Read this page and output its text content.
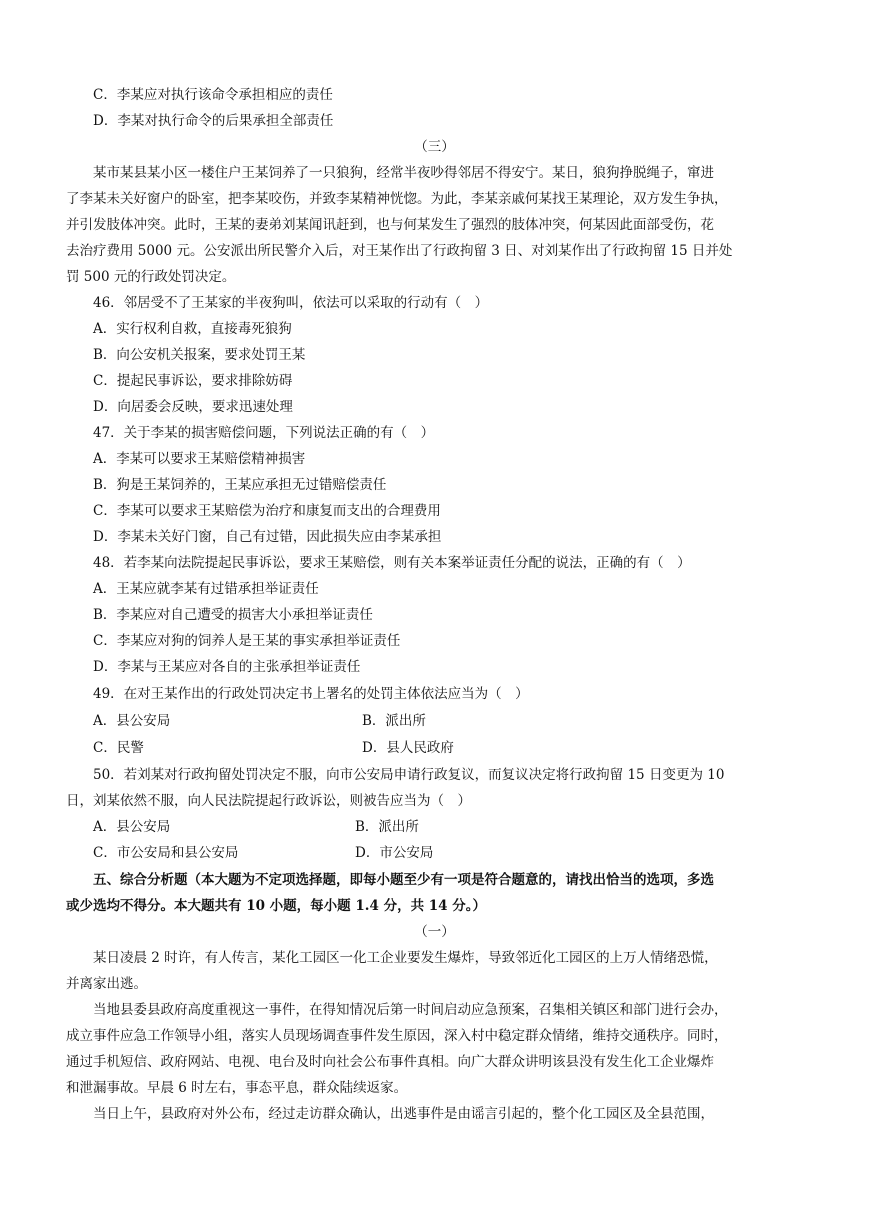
C．李某应对执行该命令承担相应的责任
D．李某对执行命令的后果承担全部责任
（三）
某市某县某小区一楼住户王某饲养了一只狼狗，经常半夜吵得邻居不得安宁。某日，狼狗挣脱绳子，窜进
了李某未关好窗户的卧室，把李某咬伤，并致李某精神恍惚。为此，李某亲戚何某找王某理论，双方发生争执，
并引发肢体冲突。此时，王某的妻弟刘某闻讯赶到，也与何某发生了强烈的肢体冲突，何某因此面部受伤，花
去治疗费用 5000 元。公安派出所民警介入后，对王某作出了行政拘留 3 日、对刘某作出了行政拘留 15 日并处
罚 500 元的行政处罚决定。
46．邻居受不了王某家的半夜狗叫，依法可以采取的行动有（　）
A．实行权利自救，直接毒死狼狗
B．向公安机关报案，要求处罚王某
C．提起民事诉讼，要求排除妨碍
D．向居委会反映，要求迅速处理
47．关于李某的损害赔偿问题，下列说法正确的有（　）
A．李某可以要求王某赔偿精神损害
B．狗是王某饲养的，王某应承担无过错赔偿责任
C．李某可以要求王某赔偿为治疗和康复而支出的合理费用
D．李某未关好门窗，自己有过错，因此损失应由李某承担
48．若李某向法院提起民事诉讼，要求王某赔偿，则有关本案举证责任分配的说法，正确的有（　）
A．王某应就李某有过错承担举证责任
B．李某应对自己遭受的损害大小承担举证责任
C．李某应对狗的饲养人是王某的事实承担举证责任
D．李某与王某应对各自的主张承担举证责任
49．在对王某作出的行政处罚决定书上署名的处罚主体依法应当为（　）
A．县公安局	B．派出所
C．民警	D．县人民政府
50．若刘某对行政拘留处罚决定不服，向市公安局申请行政复议，而复议决定将行政拘留 15 日变更为 10
日，刘某依然不服，向人民法院提起行政诉讼，则被告应当为（　）
A．县公安局	B．派出所
C．市公安局和县公安局	D．市公安局
五、综合分析题（本大题为不定项选择题，即每小题至少有一项是符合题意的，请找出恰当的选项，多选
或少选均不得分。本大题共有 10 小题，每小题 1.4 分，共 14 分。）
（一）
某日凌晨 2 时许，有人传言，某化工园区一化工企业要发生爆炸，导致邻近化工园区的上万人情绪恐慌，
并离家出逃。
当地县委县政府高度重视这一事件，在得知情况后第一时间启动应急预案，召集相关镇区和部门进行会办，
成立事件应急工作领导小组，落实人员现场调查事件发生原因，深入村中稳定群众情绪，维持交通秩序。同时，
通过手机短信、政府网站、电视、电台及时向社会公布事件真相。向广大群众讲明该县没有发生化工企业爆炸
和泄漏事故。早晨 6 时左右，事态平息，群众陆续返家。
当日上午，县政府对外公布，经过走访群众确认，出逃事件是由谣言引起的，整个化工园区及全县范围，
